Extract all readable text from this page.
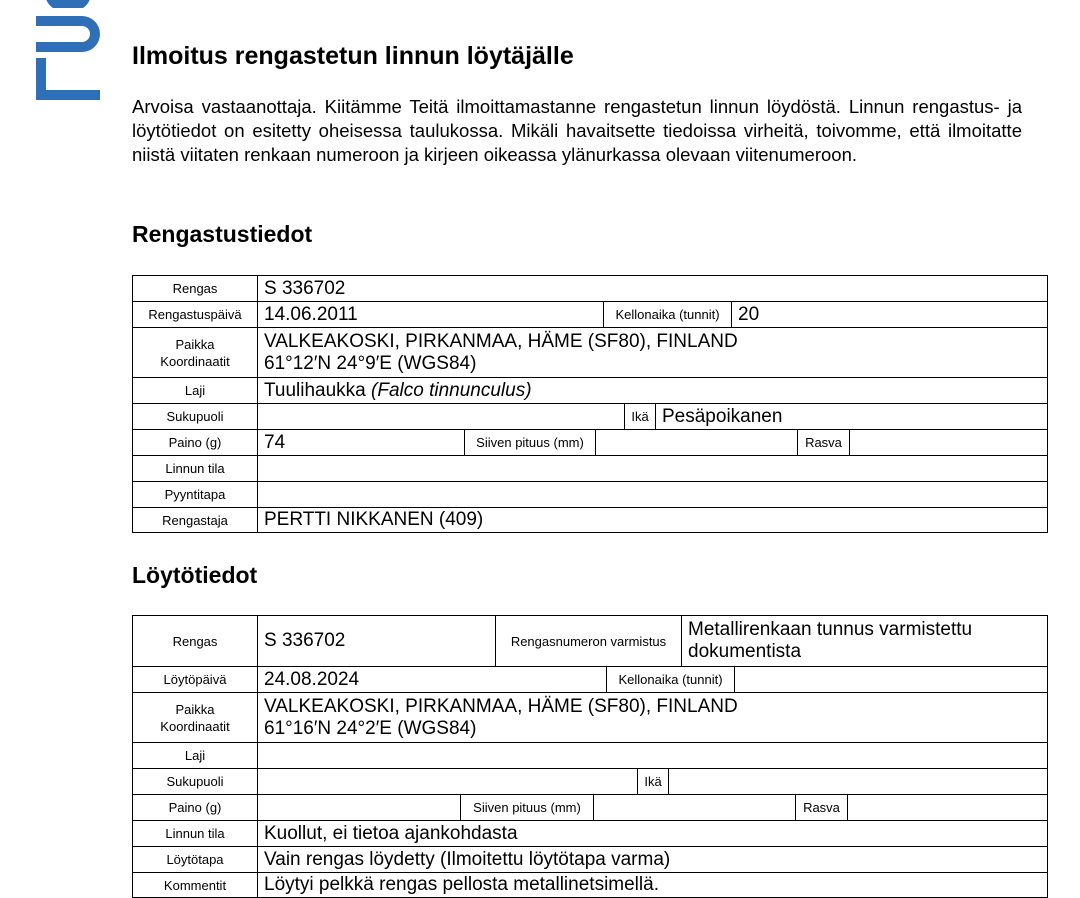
Ilmoitus rengastetun linnun löytäjälle

Arvoisa vastaanottaja. Kiitämme Teitä ilmoittamastanne rengastetun linnun löydöstä. Linnun rengastus- ja löytötiedot on esitetty oheisessa taulukossa. Mikäli havaitsette tiedoissa virheitä, toivomme, että ilmoitatte niistä viitaten renkaan numeroon ja kirjeen oikeassa ylänurkassa olevaan viitenumeroon.

Rengastustiedot
Rengas	S 336702
Rengastuspäivä	14.06.2011 Kellonaika (tunnit) 20

Paikka
Koordinaatit	VALKEAKOSKI, PIRKANMAA, HÄME (SF80), FINLAND
61°12′N 24°9′E (WGS84)

Laji	Tuulihaukka (Falco tinnunculus)
Sukupuoli	Ikä Pesäpoikanen

Paino (g)	74 Siiven pituus (mm) Rasva

Linnun tila	
Pyyntitapa	
Rengastaja	PERTTI NIKKANEN (409)
Löytötiedot
Rengas	S 336702 Rengasnumeron varmistus
Metallirenkaan tunnus varmistettu
dokumentista

Löytöpäivä	24.08.2024 Kellonaika (tunnit)

Paikka
Koordinaatit	VALKEAKOSKI, PIRKANMAA, HÄME (SF80), FINLAND
61°16′N 24°2′E (WGS84)

Laji	
Sukupuoli	Ikä

Paino (g)	Siiven pituus (mm) Rasva

Linnun tila	Kuollut, ei tietoa ajankohdasta
Löytötapa	Vain rengas löydetty (Ilmoitettu löytötapa varma)
Kommentit	Löytyi pelkkä rengas pellosta metallinetsimellä.
